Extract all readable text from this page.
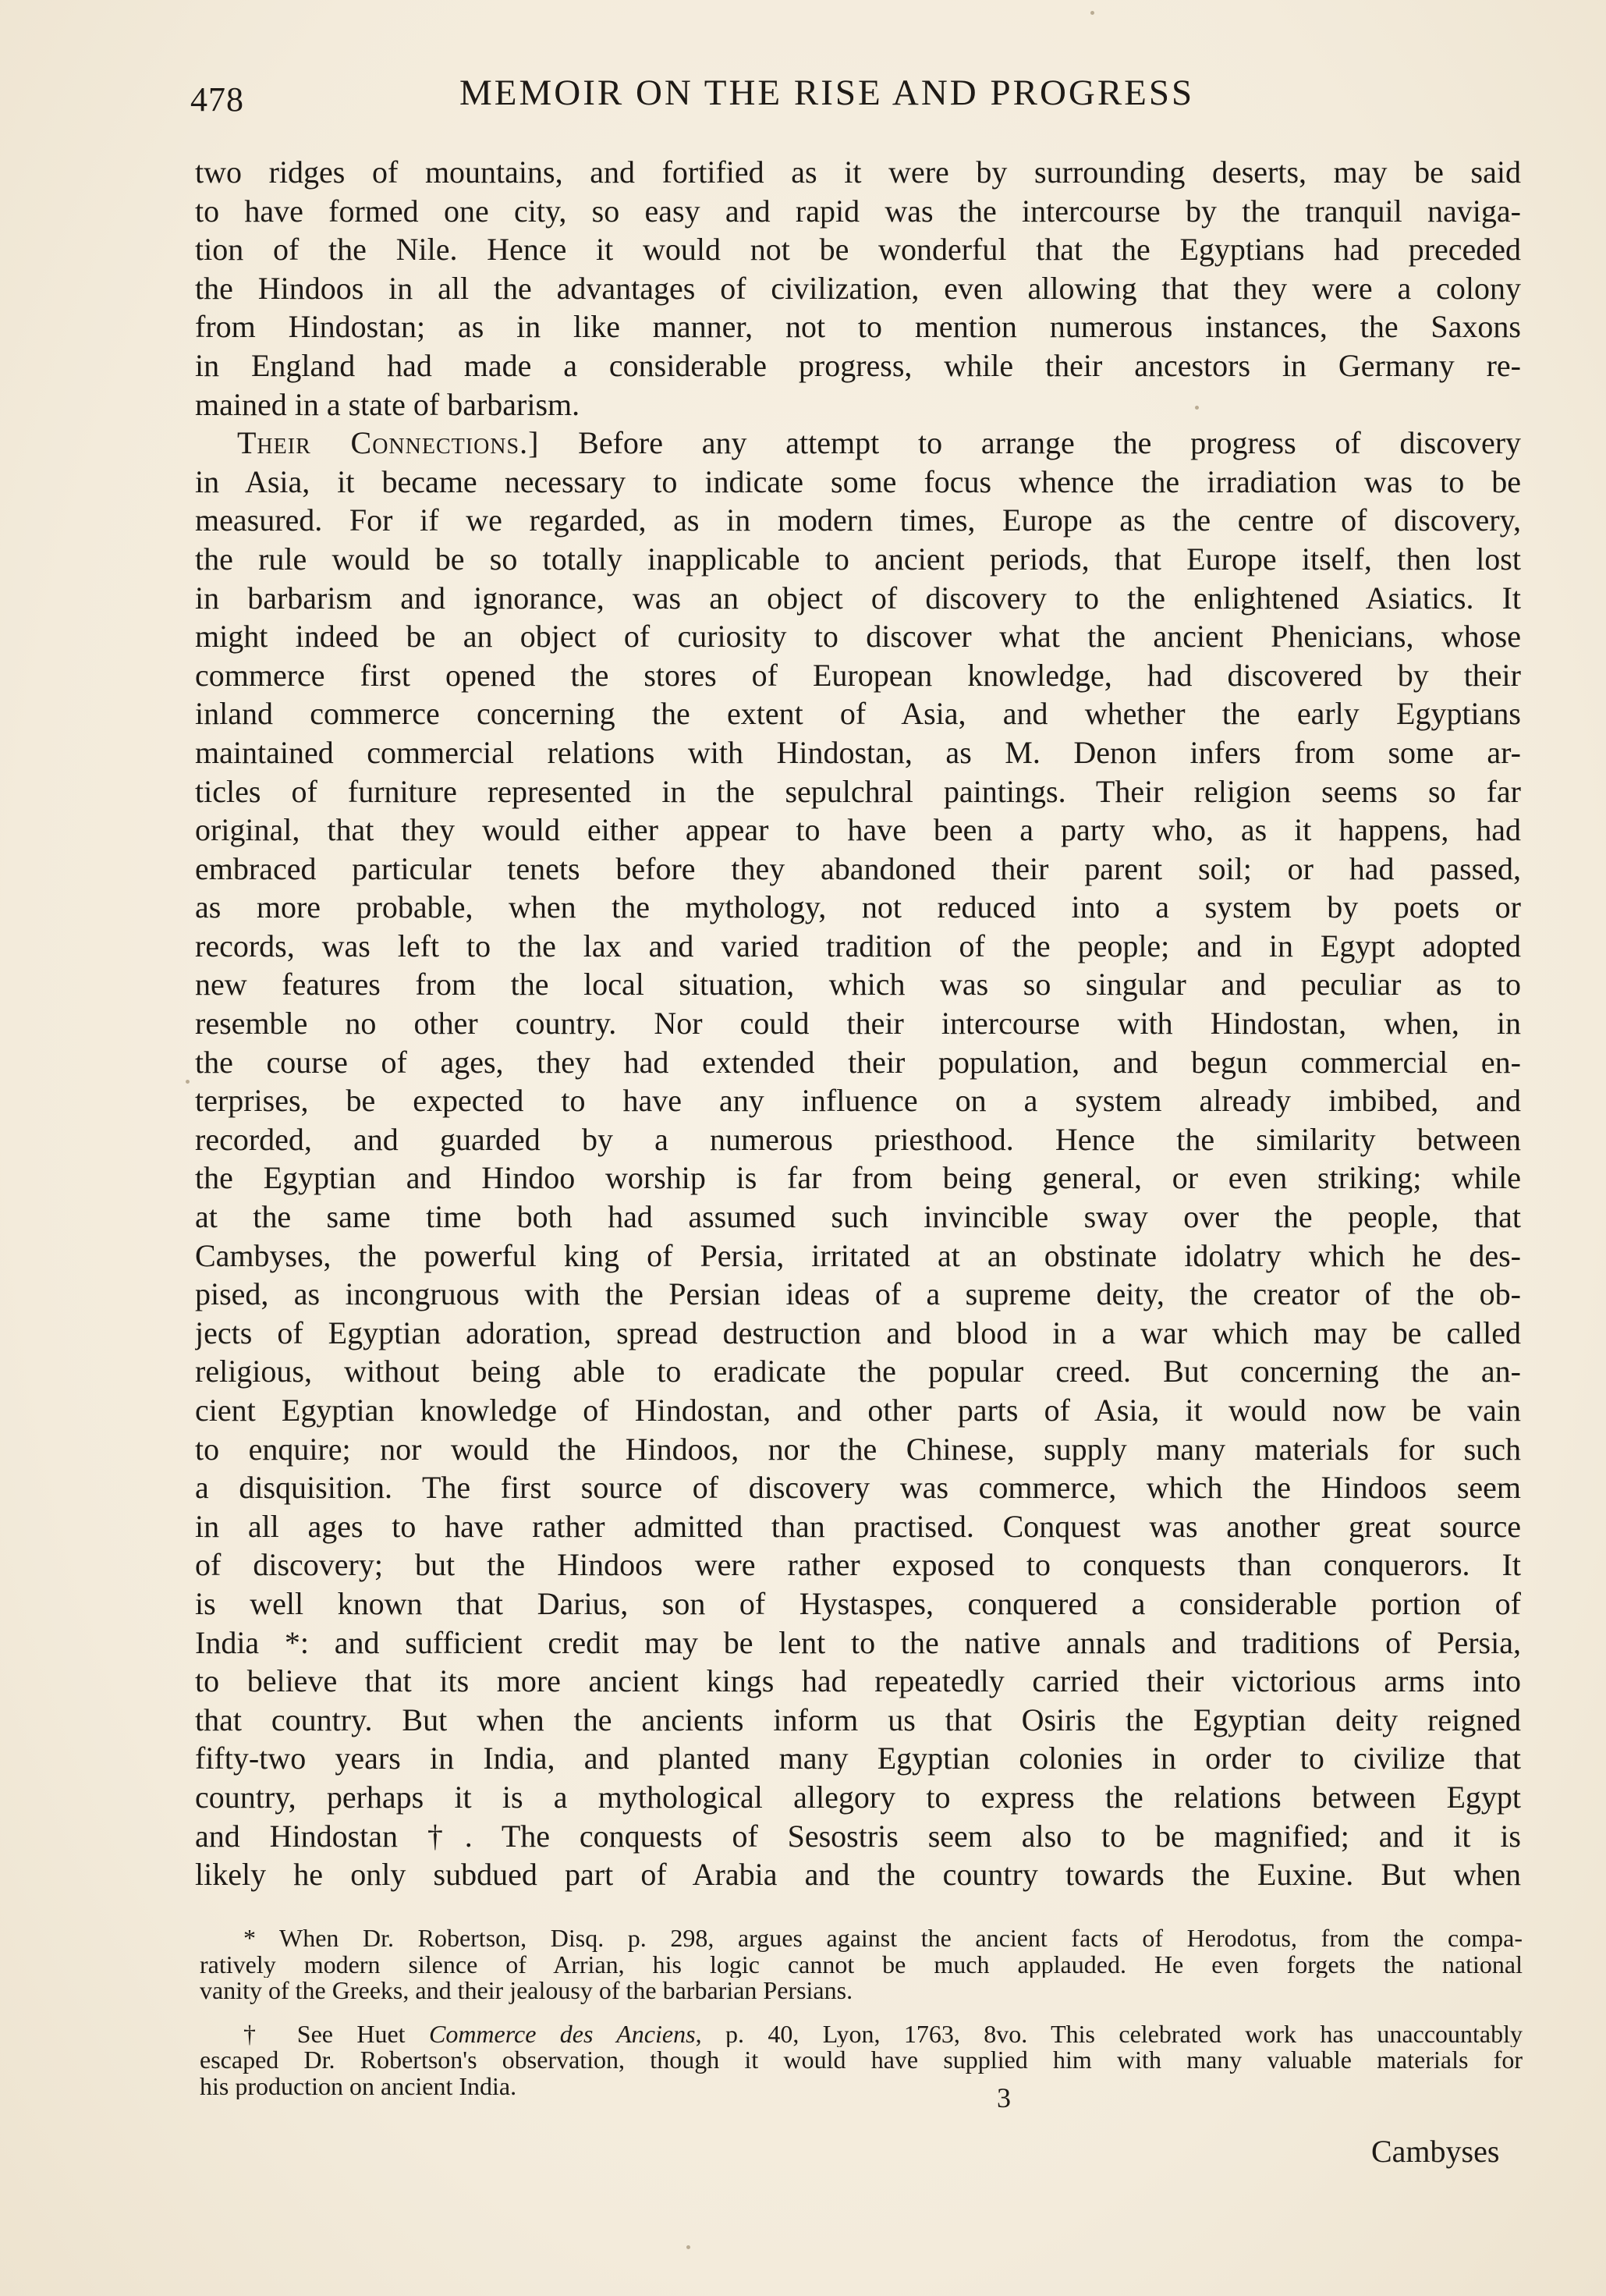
478	MEMOIR ON THE RISE AND PROGRESS
two ridges of mountains, and fortified as it were by surrounding deserts, may be said
to have formed one city, so easy and rapid was the intercourse by the tranquil naviga-
tion of the Nile. Hence it would not be wonderful that the Egyptians had preceded
the Hindoos in all the advantages of civilization, even allowing that they were a colony
from Hindostan; as in like manner, not to mention numerous instances, the Saxons
in England had made a considerable progress, while their ancestors in Germany re-
mained in a state of barbarism.
Their Connections.] Before any attempt to arrange the progress of discovery
in Asia, it became necessary to indicate some focus whence the irradiation was to be
measured. For if we regarded, as in modern times, Europe as the centre of discovery,
the rule would be so totally inapplicable to ancient periods, that Europe itself, then lost
in barbarism and ignorance, was an object of discovery to the enlightened Asiatics. It
might indeed be an object of curiosity to discover what the ancient Phenicians, whose
commerce first opened the stores of European knowledge, had discovered by their
inland commerce concerning the extent of Asia, and whether the early Egyptians
maintained commercial relations with Hindostan, as M. Denon infers from some ar-
ticles of furniture represented in the sepulchral paintings. Their religion seems so far
original, that they would either appear to have been a party who, as it happens, had
embraced particular tenets before they abandoned their parent soil; or had passed,
as more probable, when the mythology, not reduced into a system by poets or
records, was left to the lax and varied tradition of the people; and in Egypt adopted
new features from the local situation, which was so singular and peculiar as to
resemble no other country. Nor could their intercourse with Hindostan, when, in
the course of ages, they had extended their population, and begun commercial en-
terprises, be expected to have any influence on a system already imbibed, and
recorded, and guarded by a numerous priesthood. Hence the similarity between
the Egyptian and Hindoo worship is far from being general, or even striking; while
at the same time both had assumed such invincible sway over the people, that
Cambyses, the powerful king of Persia, irritated at an obstinate idolatry which he des-
pised, as incongruous with the Persian ideas of a supreme deity, the creator of the ob-
jects of Egyptian adoration, spread destruction and blood in a war which may be called
religious, without being able to eradicate the popular creed. But concerning the an-
cient Egyptian knowledge of Hindostan, and other parts of Asia, it would now be vain
to enquire; nor would the Hindoos, nor the Chinese, supply many materials for such
a disquisition. The first source of discovery was commerce, which the Hindoos seem
in all ages to have rather admitted than practised. Conquest was another great source
of discovery; but the Hindoos were rather exposed to conquests than conquerors. It
is well known that Darius, son of Hystaspes, conquered a considerable portion of
India *: and sufficient credit may be lent to the native annals and traditions of Persia,
to believe that its more ancient kings had repeatedly carried their victorious arms into
that country. But when the ancients inform us that Osiris the Egyptian deity reigned
fifty-two years in India, and planted many Egyptian colonies in order to civilize that
country, perhaps it is a mythological allegory to express the relations between Egypt
and Hindostan †. The conquests of Sesostris seem also to be magnified; and it is
likely he only subdued part of Arabia and the country towards the Euxine. But when
* When Dr. Robertson, Disq. p. 298, argues against the ancient facts of Herodotus, from the compa-
ratively modern silence of Arrian, his logic cannot be much applauded. He even forgets the national
vanity of the Greeks, and their jealousy of the barbarian Persians.
† See Huet Commerce des Anciens, p. 40, Lyon, 1763, 8vo. This celebrated work has unaccountably
escaped Dr. Robertson's observation, though it would have supplied him with many valuable materials for
his production on ancient India.	3
Cambyses
